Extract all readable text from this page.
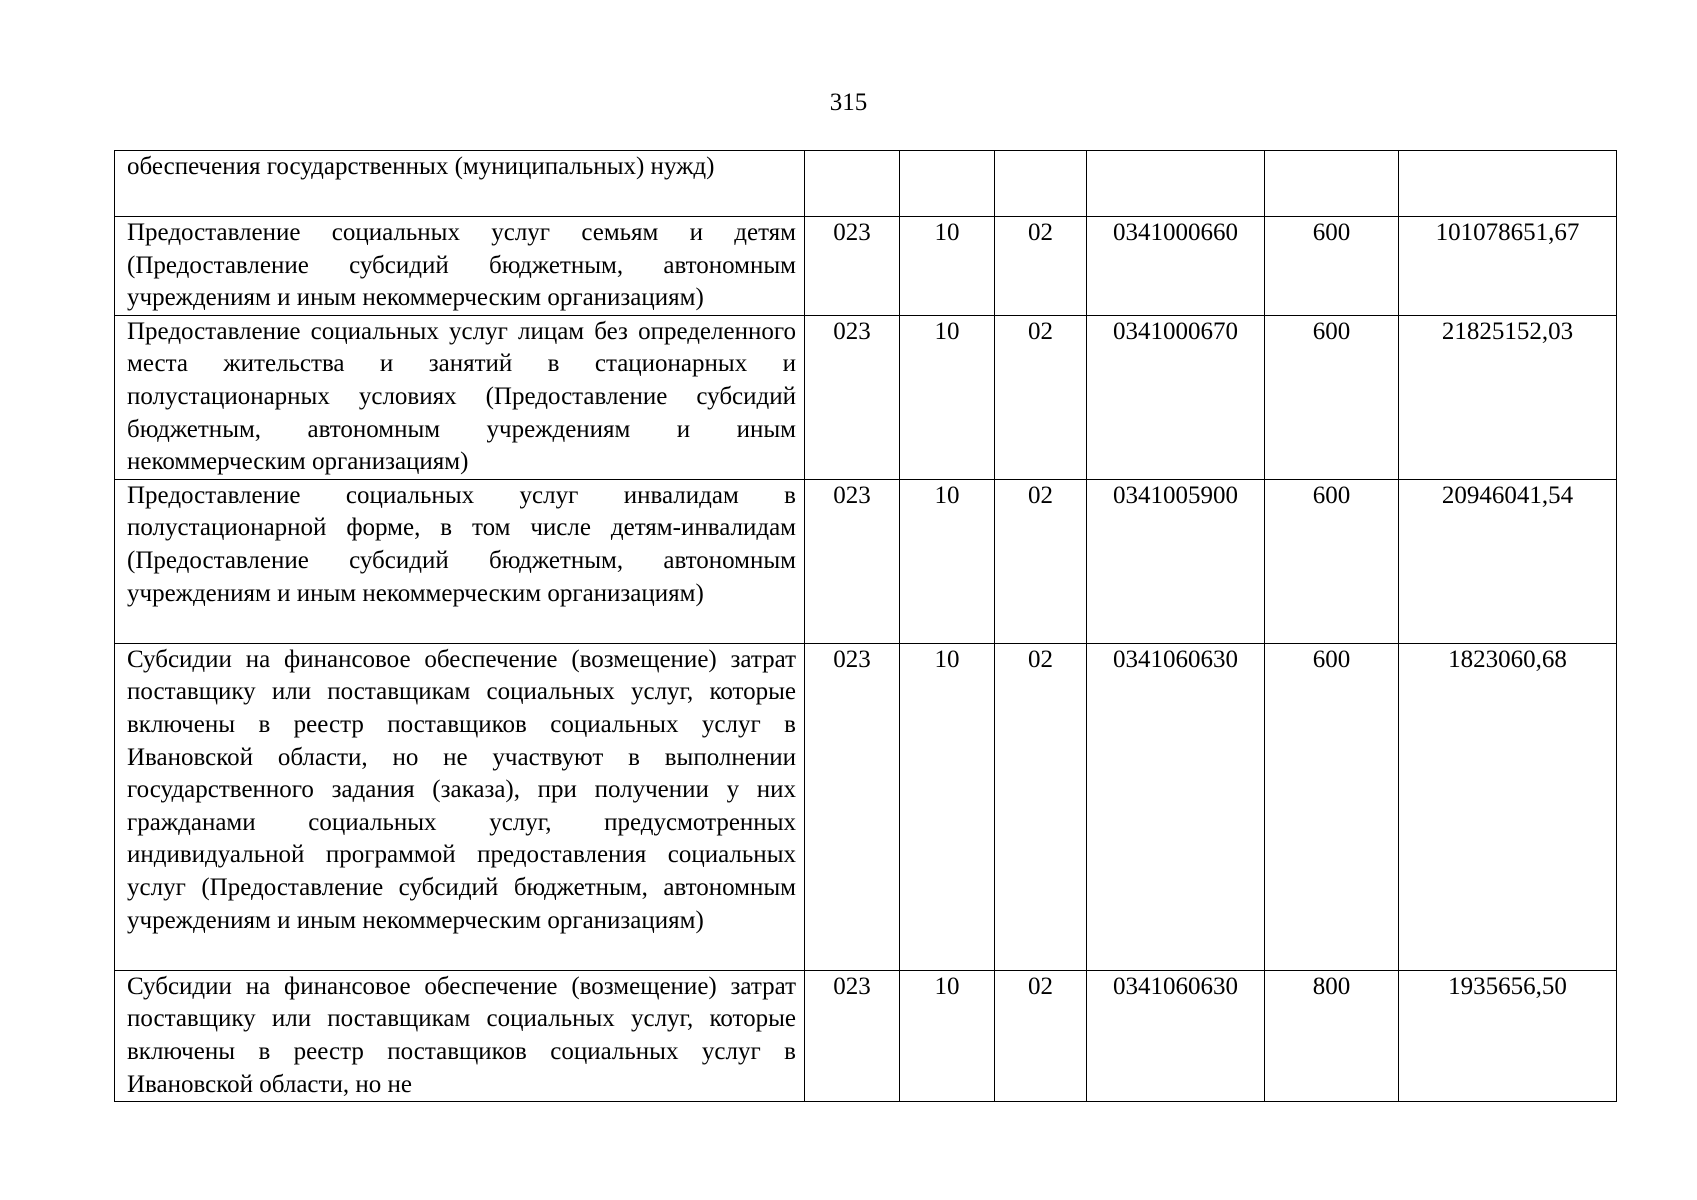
315
обеспечения государственных (муниципальных) нужд)						
Предоставление социальных услуг семьям и детям (Предоставление субсидий бюджетным, автономным учреждениям и иным некоммерческим организациям)	023	10	02	0341000660	600	101078651,67
Предоставление социальных услуг лицам без определенного места жительства и занятий в стационарных и полустационарных условиях (Предоставление субсидий бюджетным, автономным учреждениям и иным некоммерческим организациям)	023	10	02	0341000670	600	21825152,03
Предоставление социальных услуг инвалидам в полустационарной форме, в том числе детям-инвалидам (Предоставление субсидий бюджетным, автономным учреждениям и иным некоммерческим организациям)	023	10	02	0341005900	600	20946041,54
Субсидии на финансовое обеспечение (возмещение) затрат поставщику или поставщикам социальных услуг, которые включены в реестр поставщиков социальных услуг в Ивановской области, но не участвуют в выполнении государственного задания (заказа), при получении у них гражданами социальных услуг, предусмотренных индивидуальной программой предоставления социальных услуг (Предоставление субсидий бюджетным, автономным учреждениям и иным некоммерческим организациям)	023	10	02	0341060630	600	1823060,68
Субсидии на финансовое обеспечение (возмещение) затрат поставщику или поставщикам социальных услуг, которые включены в реестр поставщиков социальных услуг в Ивановской области, но не	023	10	02	0341060630	800	1935656,50
